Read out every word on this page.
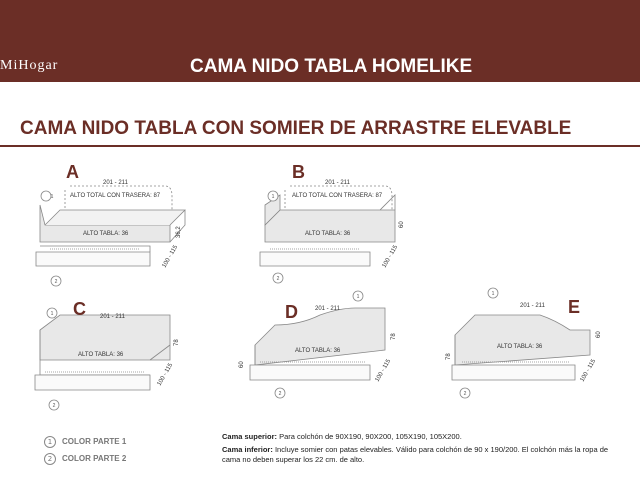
MiHogar	CAMA NIDO TABLA HOMELIKE
CAMA NIDO TABLA CON SOMIER DE ARRASTRE ELEVABLE
1
2
1
2
1
2
1
2
1
2
A	B
C	D	E
201 - 211
ALTO TOTAL CON TRASERA: 87
ALTO TABLA: 36	36,2
100 - 115
201 - 211
ALTO TOTAL CON TRASERA: 87
ALTO TABLA: 36
60
100 - 115
201 - 211
ALTO TABLA: 36
78
100 - 115
201 - 211
ALTO TABLA: 36
60
78
100 - 115
201 - 211
ALTO TABLA: 36
78
60
100 - 115
1	COLOR PARTE 1
2	COLOR PARTE 2

Cama superior: Para colchón de 90X190, 90X200, 105X190, 105X200.

Cama inferior: Incluye somier con patas elevables. Válido para colchón de 90 x 190/200. El colchón más la ropa de cama no deben superar los 22 cm. de alto.
